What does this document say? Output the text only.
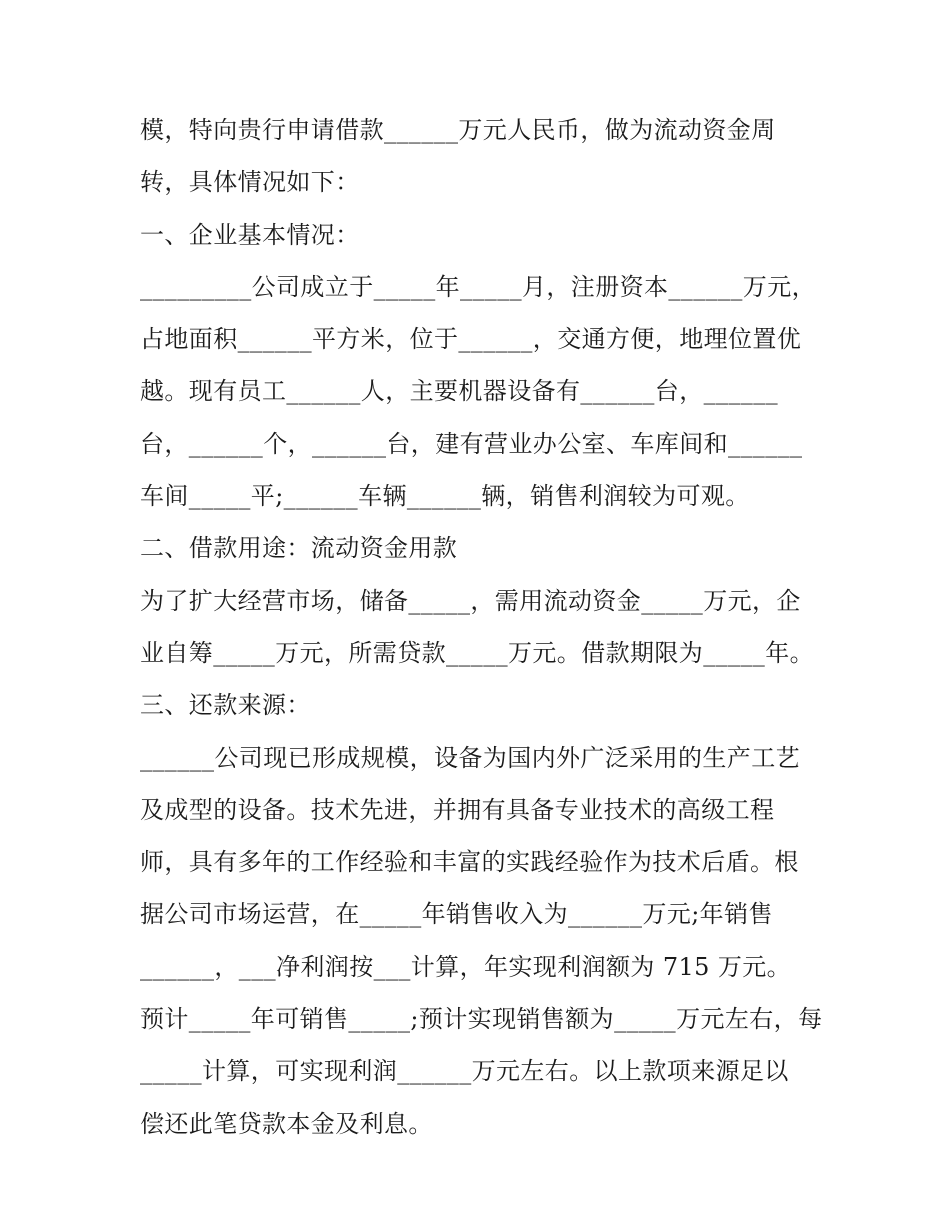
模，特向贵行申请借款______万元人民币，做为流动资金周
转，具体情况如下：
一、企业基本情况：
_________公司成立于_____年_____月，注册资本______万元，
占地面积______平方米，位于______，交通方便，地理位置优
越。现有员工______人，主要机器设备有______台，______
台，______个，______台，建有营业办公室、车库间和______
车间_____平;______车辆______辆，销售利润较为可观。
二、借款用途：流动资金用款
为了扩大经营市场，储备_____，需用流动资金_____万元，企
业自筹_____万元，所需贷款_____万元。借款期限为_____年。
三、还款来源：
______公司现已形成规模，设备为国内外广泛采用的生产工艺
及成型的设备。技术先进，并拥有具备专业技术的高级工程
师，具有多年的工作经验和丰富的实践经验作为技术后盾。根
据公司市场运营，在_____年销售收入为______万元;年销售
______，___净利润按___计算，年实现利润额为 715 万元。
预计_____年可销售_____;预计实现销售额为_____万元左右，每
_____计算，可实现利润______万元左右。以上款项来源足以
偿还此笔贷款本金及利息。
